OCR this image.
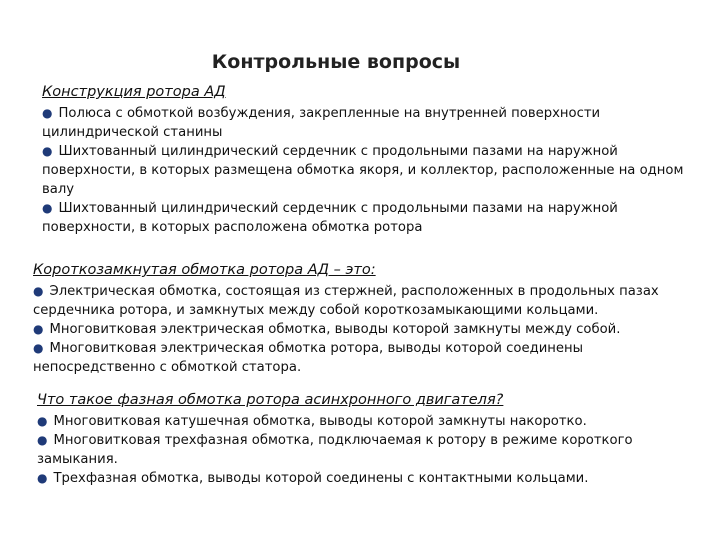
Контрольные вопросы
Конструкция ротора АД

● Полюса с обмоткой возбуждения, закрепленные на внутренней поверхности цилиндрической станины

● Шихтованный цилиндрический сердечник с продольными пазами на наружной поверхности, в которых размещена обмотка якоря, и коллектор, расположенные на одном валу

● Шихтованный цилиндрический сердечник с продольными пазами на наружной поверхности, в которых расположена обмотка ротора

Короткозамкнутая обмотка ротора АД – это:

● Электрическая обмотка, состоящая из стержней, расположенных в продольных пазах сердечника ротора, и замкнутых между собой короткозамыкающими кольцами.

● Многовитковая электрическая обмотка, выводы которой замкнуты между собой.

● Многовитковая электрическая обмотка ротора, выводы которой соединены непосредственно с обмоткой статора.

Что такое фазная обмотка ротора асинхронного двигателя?

● Многовитковая катушечная обмотка, выводы которой замкнуты накоротко.

● Многовитковая трехфазная обмотка, подключаемая к ротору в режиме короткого замыкания.

● Трехфазная обмотка, выводы которой соединены с контактными кольцами.
